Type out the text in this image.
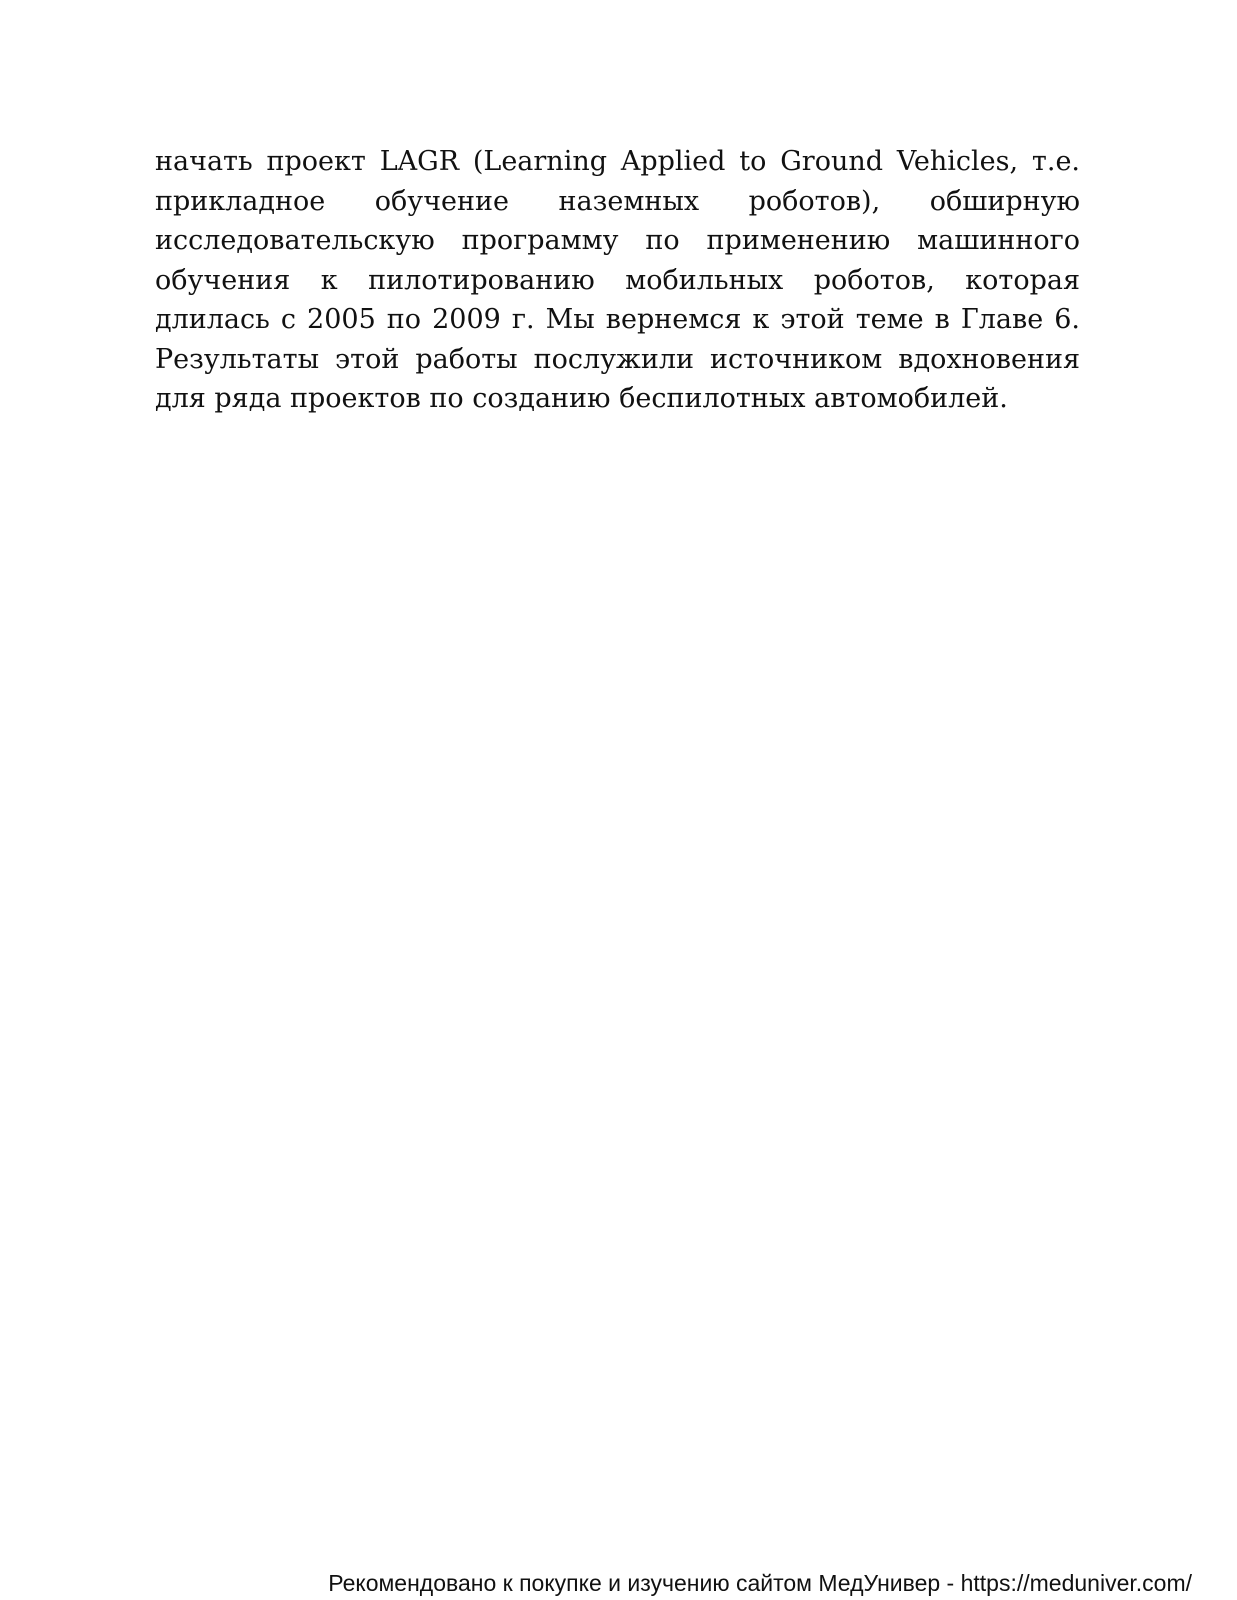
начать проект LAGR (Learning Applied to Ground Vehicles, т.е. прикладное обучение наземных роботов), обширную исследовательскую программу по применению машинного обучения к пилотированию мобильных роботов, которая длилась с 2005 по 2009 г. Мы вернемся к этой теме в Главе 6. Результаты этой работы послужили источником вдохновения для ряда проектов по созданию беспилотных автомобилей.

Рекомендовано к покупке и изучению сайтом МедУнивер - https://meduniver.com/
